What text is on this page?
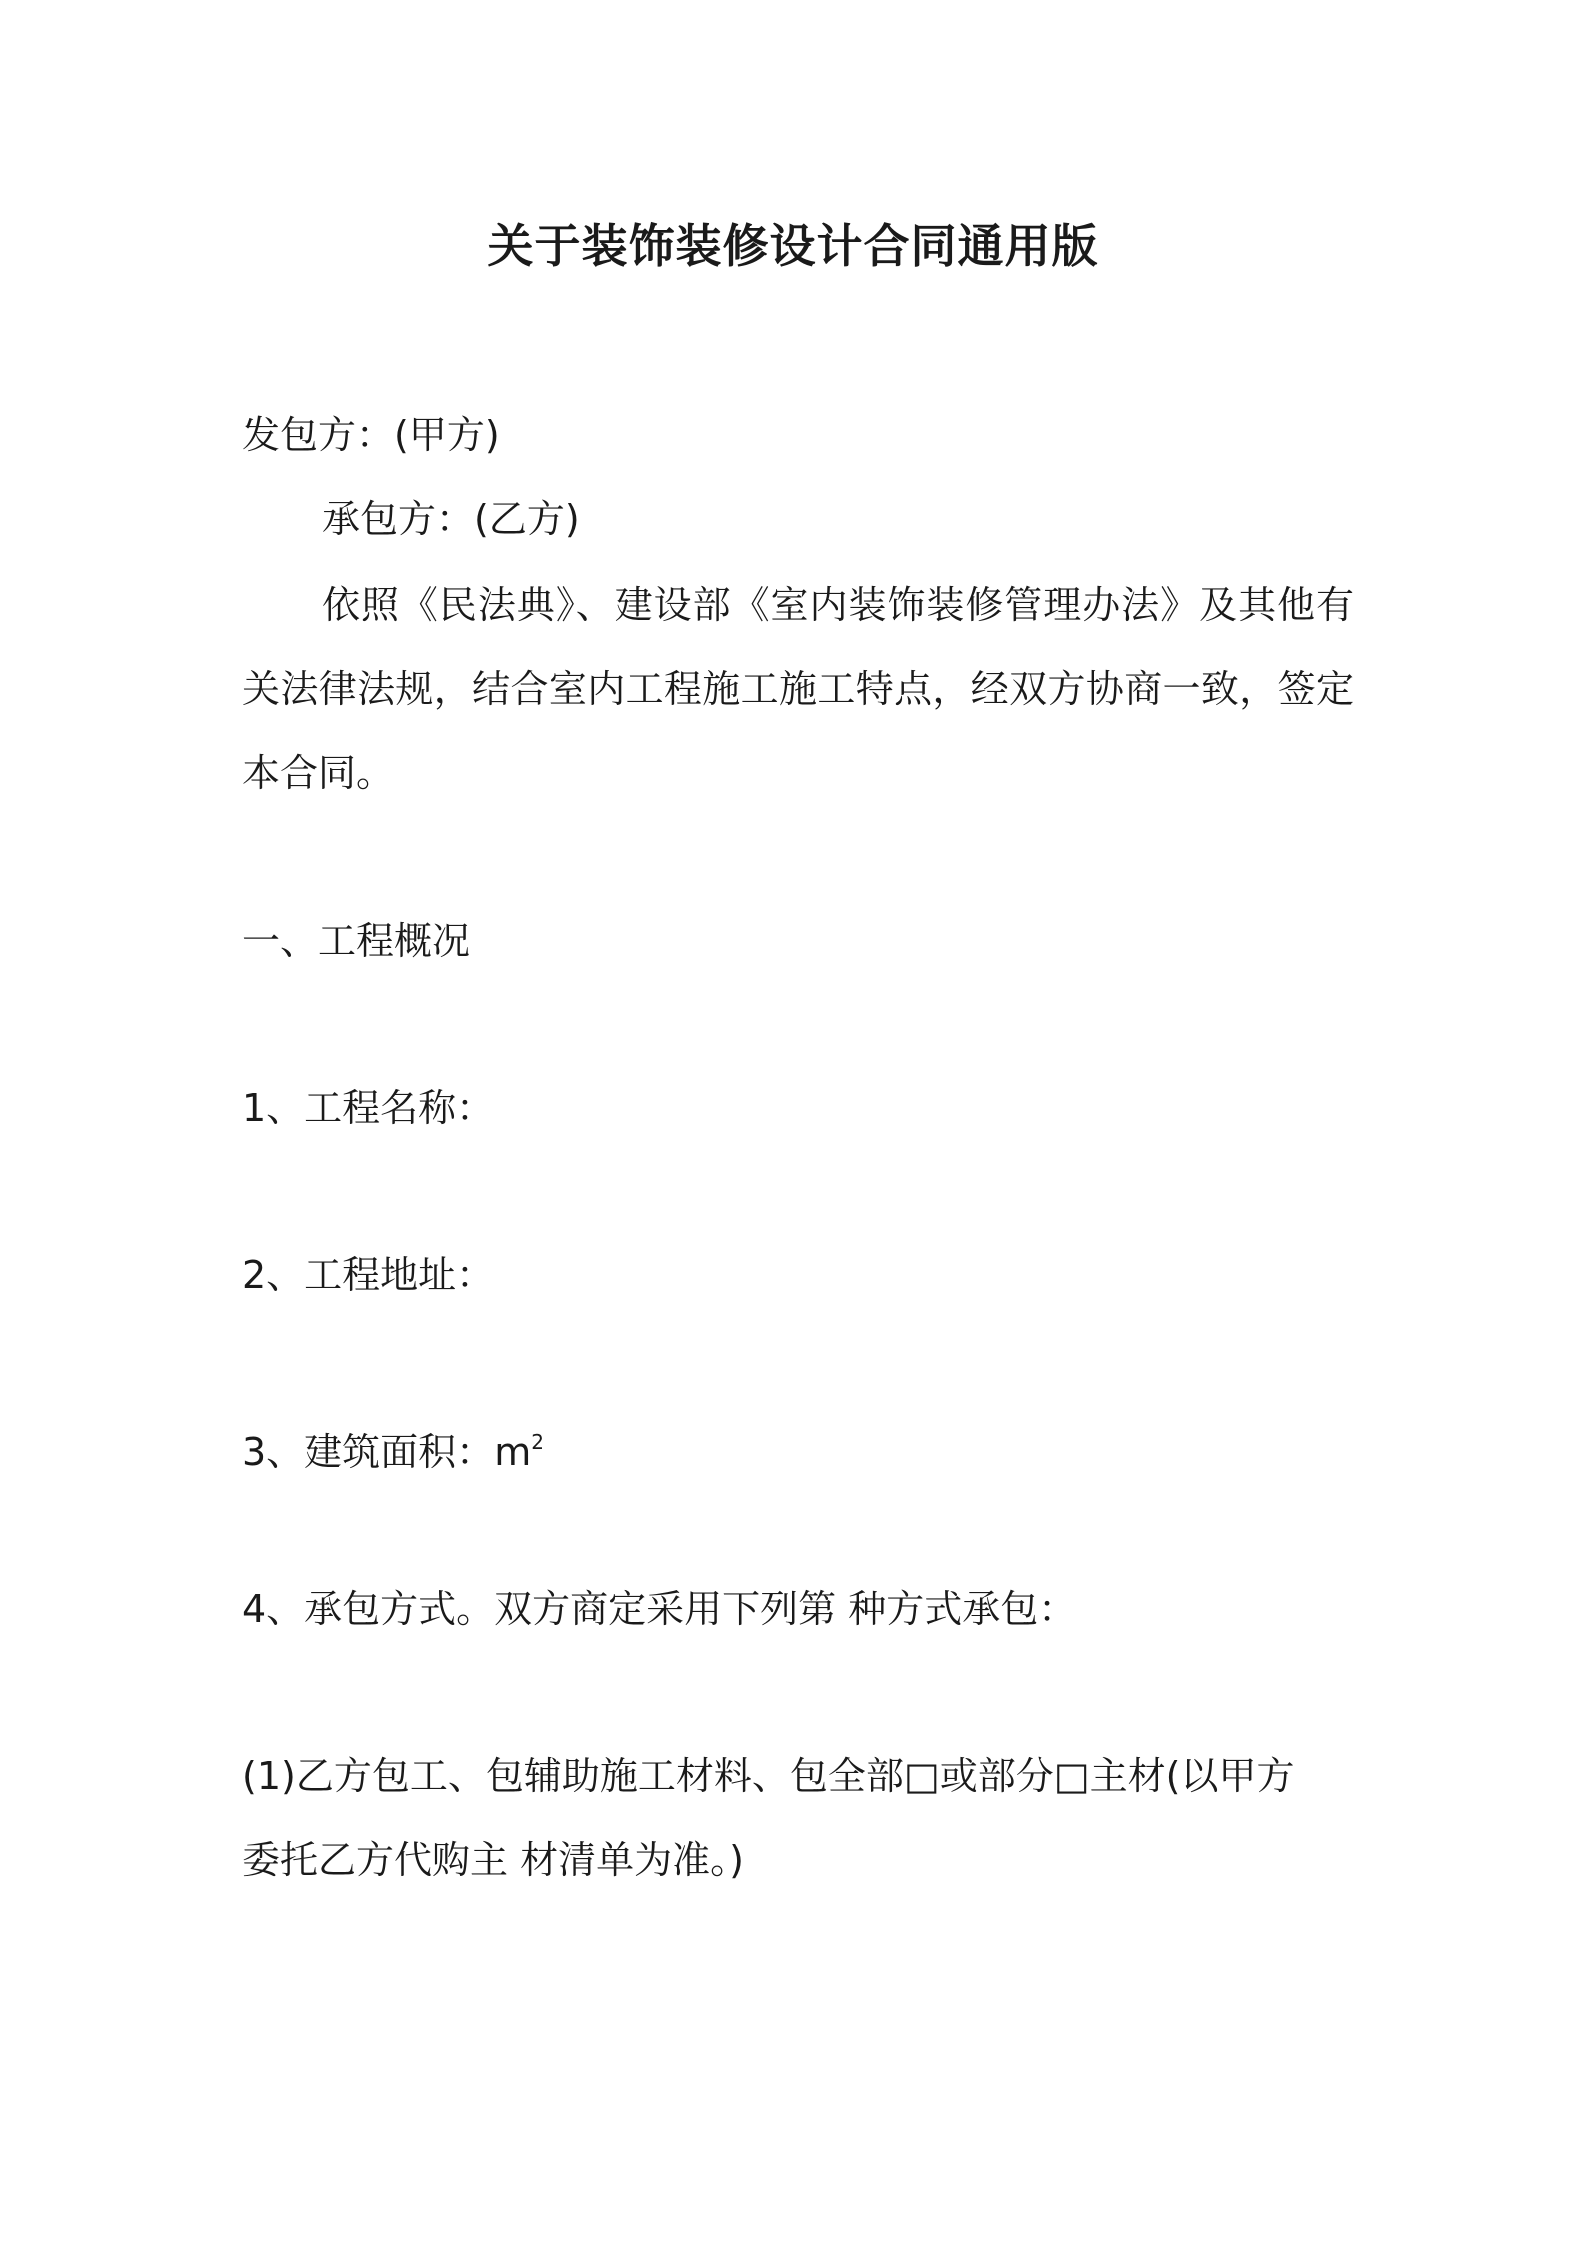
关于装饰装修设计合同通用版
发包方：(甲方)
承包方：(乙方)
依照《民法典》、建设部《室内装饰装修管理办法》及其他有关法律法规，结合室内工程施工施工特点，经双方协商一致，签定本合同。
一、工程概况
1、工程名称：
2、工程地址：
3、建筑面积：$m^2$
4、承包方式。双方商定采用下列第 种方式承包：
(1)乙方包工、包辅助施工材料、包全部□或部分□主材(以甲方
委托乙方代购主 材清单为准。)
